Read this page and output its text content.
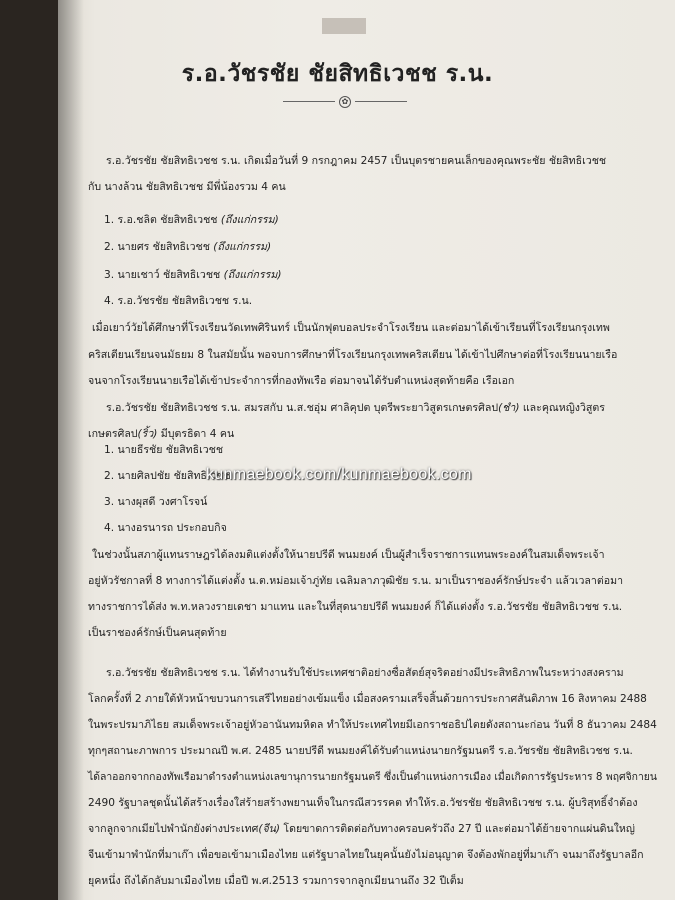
ร.อ.วัชรชัย ชัยสิทธิเวชช ร.น.
✿
ร.อ.วัชรชัย ชัยสิทธิเวชช ร.น. เกิดเมื่อวันที่ 9 กรกฎาคม 2457 เป็นบุตรชายคนเล็กของคุณพระชัย ชัยสิทธิเวชช
กับ นางล้วน ชัยสิทธิเวชช มีพี่น้องรวม 4 คน
1. ร.อ.ชลิต ชัยสิทธิเวชช (ถึงแก่กรรม)
2. นายศร ชัยสิทธิเวชช (ถึงแก่กรรม)
3. นายเชาว์ ชัยสิทธิเวชช (ถึงแก่กรรม)
4. ร.อ.วัชรชัย ชัยสิทธิเวชช ร.น.
เมื่อเยาว์วัยได้ศึกษาที่โรงเรียนวัดเทพศิรินทร์ เป็นนักฟุตบอลประจำโรงเรียน และต่อมาได้เข้าเรียนที่โรงเรียนกรุงเทพ
คริสเตียนเรียนจนมัธยม 8 ในสมัยนั้น พอจบการศึกษาที่โรงเรียนกรุงเทพคริสเตียน ได้เข้าไปศึกษาต่อที่โรงเรียนนายเรือ
จนจากโรงเรียนนายเรือได้เข้าประจำการที่กองทัพเรือ ต่อมาจนได้รับตำแหน่งสุดท้ายคือ เรือเอก
ร.อ.วัชรชัย ชัยสิทธิเวชช ร.น. สมรสกับ น.ส.ชอุ่ม ศาลิคุปต บุตรีพระยาวิสูตรเกษตรศิลป(ชำ) และคุณหญิงวิสูตร
เกษตรศิลป(ริ้ว) มีบุตรธิดา 4 คน
1. นายธีรชัย ชัยสิทธิเวชช
2. นายศิลปชัย ชัยสิทธิเวชช
3. นางผุสดี วงศาโรจน์
4. นางอรนารถ ประกอบกิจ
kunmaebook.com/kunmaebook.com
ในช่วงนั้นสภาผู้แทนราษฎรได้ลงมติแต่งตั้งให้นายปรีดี พนมยงค์ เป็นผู้สำเร็จราชการแทนพระองค์ในสมเด็จพระเจ้า
อยู่หัวรัชกาลที่ 8 ทางการได้แต่งตั้ง น.ต.หม่อมเจ้าภู่ทัย เฉลิมลาภวุฒิชัย ร.น. มาเป็นราชองค์รักษ์ประจำ แล้วเวลาต่อมา
ทางราชการได้ส่ง พ.ท.หลวงรายเดชา มาแทน และในที่สุดนายปรีดี พนมยงค์ ก็ได้แต่งตั้ง ร.อ.วัชรชัย ชัยสิทธิเวชช ร.น.
เป็นราชองค์รักษ์เป็นคนสุดท้าย
ร.อ.วัชรชัย ชัยสิทธิเวชช ร.น. ได้ทำงานรับใช้ประเทศชาติอย่างซื่อสัตย์สุจริตอย่างมีประสิทธิภาพในระหว่างสงคราม
โลกครั้งที่ 2 ภายใต้หัวหน้าขบวนการเสรีไทยอย่างเข้มแข็ง เมื่อสงครามเสร็จสิ้นด้วยการประกาศสันติภาพ 16 สิงหาคม 2488
ในพระปรมาภิไธย สมเด็จพระเจ้าอยู่หัวอานันทมหิดล ทำให้ประเทศไทยมีเอกราชอธิปไตยดังสถานะก่อน วันที่ 8 ธันวาคม 2484
ทุกๆสถานะภาพการ ประมาณปี พ.ศ. 2485 นายปรีดี พนมยงค์ได้รับตำแหน่งนายกรัฐมนตรี ร.อ.วัชรชัย ชัยสิทธิเวชช ร.น.
ได้ลาออกจากกองทัพเรือมาดำรงตำแหน่งเลขานุการนายกรัฐมนตรี ซึ่งเป็นตำแหน่งการเมือง เมื่อเกิดการรัฐประหาร 8 พฤศจิกายน
2490 รัฐบาลชุดนั้นได้สร้างเรื่องใส่ร้ายสร้างพยานเท็จในกรณีสวรรคต ทำให้ร.อ.วัชรชัย ชัยสิทธิเวชช ร.น. ผู้บริสุทธิ์จำต้อง
จากลูกจากเมียไปพำนักยังต่างประเทศ(จีน) โดยขาดการติดต่อกับทางครอบครัวถึง 27 ปี และต่อมาได้ย้ายจากแผ่นดินใหญ่
จีนเข้ามาพำนักที่มาเก๊า เพื่อขอเข้ามาเมืองไทย แต่รัฐบาลไทยในยุคนั้นยังไม่อนุญาต จึงต้องพักอยู่ที่มาเก๊า จนมาถึงรัฐบาลอีก
ยุคหนึ่ง ถึงได้กลับมาเมืองไทย เมื่อปี พ.ศ.2513 รวมการจากลูกเมียนานถึง 32 ปีเต็ม
